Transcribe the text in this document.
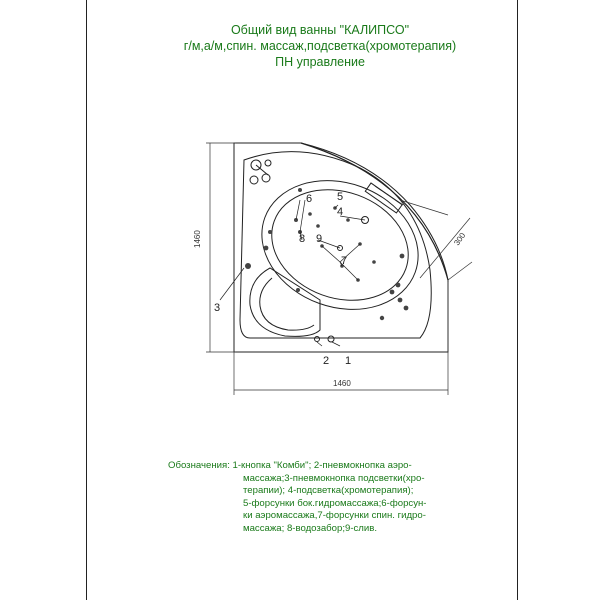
Общий вид ванны "КАЛИПСО"
г/м,а/м,спин. массаж,подсветка(хромотерапия)
ПН управление
1
2
3
4
5
6
7
8 9
1460
1460
300
Обозначения: 1-кнопка "Комби"; 2-пневмокнопка аэро-
массажа;3-пневмокнопка подсветки(хро-
терапии); 4-подсветка(хромотерапия);
5-форсунки бок.гидромассажа;6-форсун-
ки аэромассажа,7-форсунки спин. гидро-
массажа; 8-водозабор;9-слив.
